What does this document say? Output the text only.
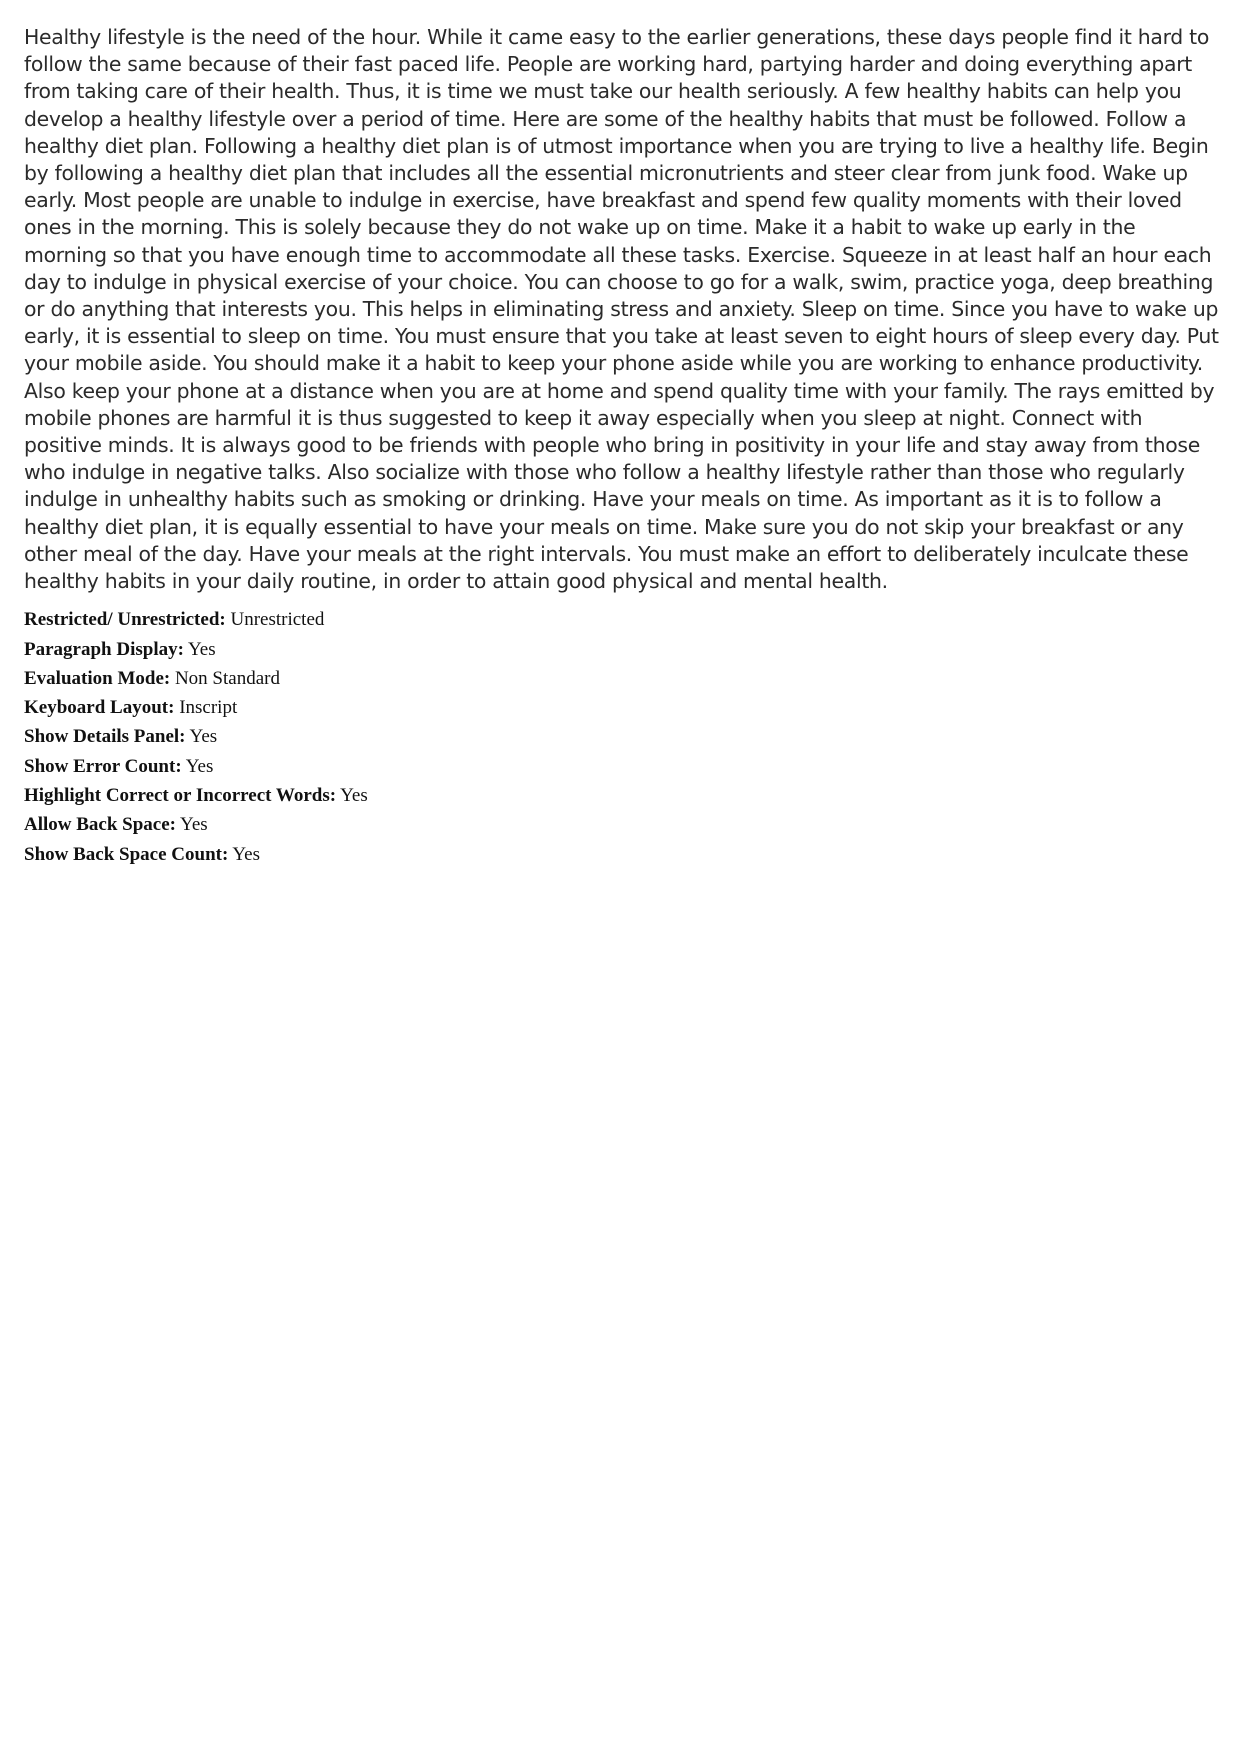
Healthy lifestyle is the need of the hour. While it came easy to the earlier generations, these days people find it hard to follow the same because of their fast paced life. People are working hard, partying harder and doing everything apart from taking care of their health. Thus, it is time we must take our health seriously. A few healthy habits can help you develop a healthy lifestyle over a period of time. Here are some of the healthy habits that must be followed. Follow a healthy diet plan. Following a healthy diet plan is of utmost importance when you are trying to live a healthy life. Begin by following a healthy diet plan that includes all the essential micronutrients and steer clear from junk food. Wake up early. Most people are unable to indulge in exercise, have breakfast and spend few quality moments with their loved ones in the morning. This is solely because they do not wake up on time. Make it a habit to wake up early in the morning so that you have enough time to accommodate all these tasks. Exercise. Squeeze in at least half an hour each day to indulge in physical exercise of your choice. You can choose to go for a walk, swim, practice yoga, deep breathing or do anything that interests you. This helps in eliminating stress and anxiety. Sleep on time. Since you have to wake up early, it is essential to sleep on time. You must ensure that you take at least seven to eight hours of sleep every day. Put your mobile aside. You should make it a habit to keep your phone aside while you are working to enhance productivity. Also keep your phone at a distance when you are at home and spend quality time with your family. The rays emitted by mobile phones are harmful it is thus suggested to keep it away especially when you sleep at night. Connect with positive minds. It is always good to be friends with people who bring in positivity in your life and stay away from those who indulge in negative talks. Also socialize with those who follow a healthy lifestyle rather than those who regularly indulge in unhealthy habits such as smoking or drinking. Have your meals on time. As important as it is to follow a healthy diet plan, it is equally essential to have your meals on time. Make sure you do not skip your breakfast or any other meal of the day. Have your meals at the right intervals. You must make an effort to deliberately inculcate these healthy habits in your daily routine, in order to attain good physical and mental health.

Restricted/ Unrestricted: Unrestricted
Paragraph Display: Yes
Evaluation Mode: Non Standard
Keyboard Layout: Inscript
Show Details Panel: Yes
Show Error Count: Yes
Highlight Correct or Incorrect Words: Yes
Allow Back Space: Yes
Show Back Space Count: Yes
